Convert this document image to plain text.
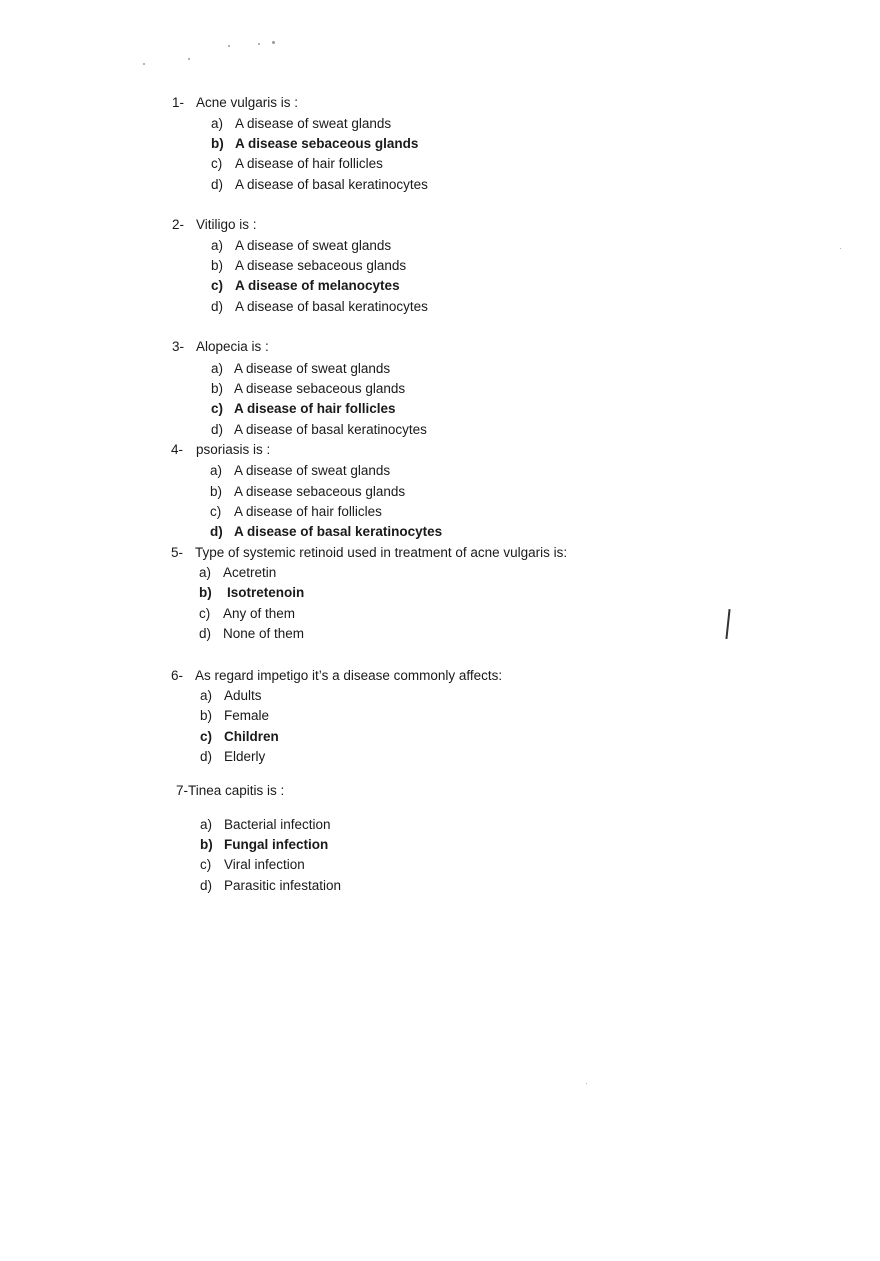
1- Acne vulgaris is :
a) A disease of sweat glands
b) A disease sebaceous glands
c) A disease of hair follicles
d) A disease of basal keratinocytes
2- Vitiligo is :
a) A disease of sweat glands
b) A disease sebaceous glands
c) A disease of melanocytes
d) A disease of basal keratinocytes
3- Alopecia is :
a) A disease of sweat glands
b) A disease sebaceous glands
c) A disease of hair follicles
d) A disease of basal keratinocytes
4- psoriasis is :
a) A disease of sweat glands
b) A disease sebaceous glands
c) A disease of hair follicles
d) A disease of basal keratinocytes
5- Type of systemic retinoid used in treatment of acne vulgaris is:
a) Acetretin
b) Isotretenoin
c) Any of them
d) None of them
6- As regard impetigo it’s a disease commonly affects:
a) Adults
b) Female
c) Children
d) Elderly
7-Tinea capitis is :
a) Bacterial infection
b) Fungal infection
c) Viral infection
d) Parasitic infestation
